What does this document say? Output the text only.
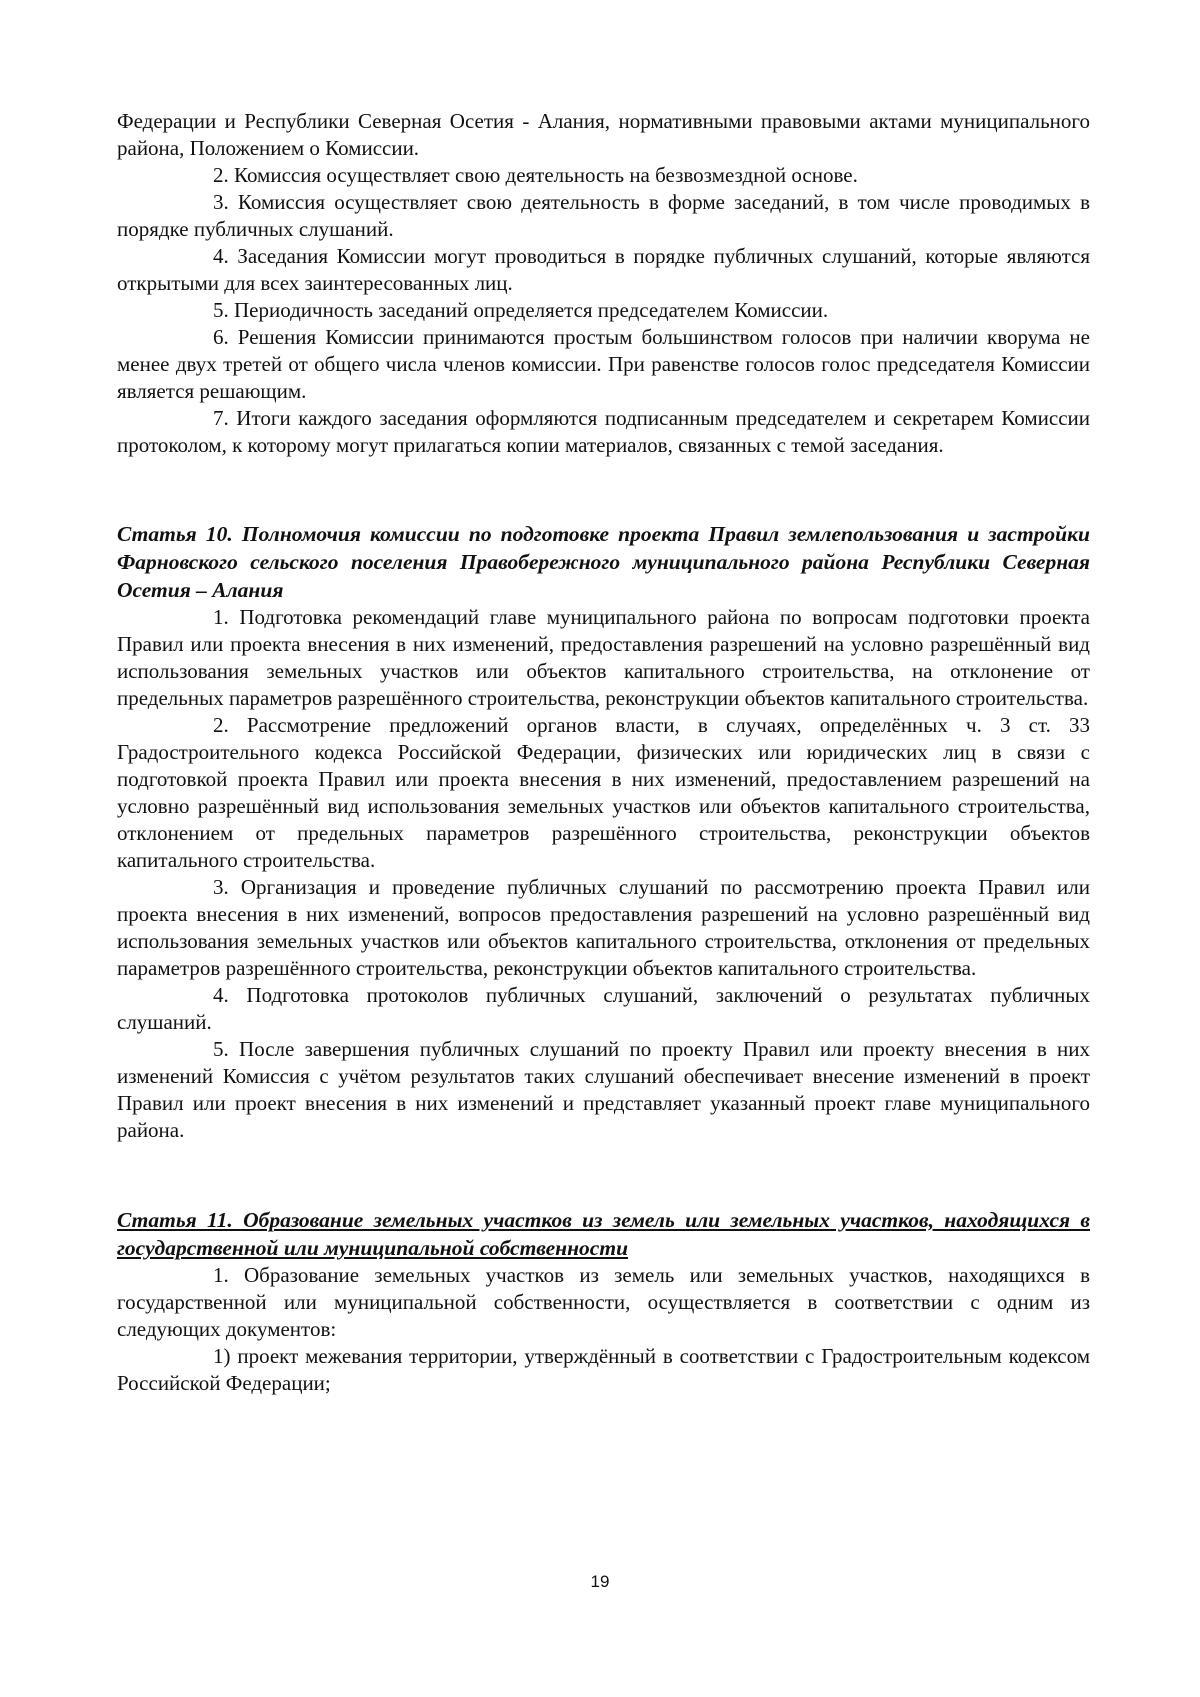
Федерации и Республики Северная Осетия - Алания, нормативными правовыми актами муниципального района, Положением о Комиссии.

2. Комиссия осуществляет свою деятельность на безвозмездной основе.

3. Комиссия осуществляет свою деятельность в форме заседаний, в том числе проводимых в порядке публичных слушаний.

4. Заседания Комиссии могут проводиться в порядке публичных слушаний, которые являются открытыми для всех заинтересованных лиц.

5. Периодичность заседаний определяется председателем Комиссии.

6. Решения Комиссии принимаются простым большинством голосов при наличии кворума не менее двух третей от общего числа членов комиссии. При равенстве голосов голос председателя Комиссии является решающим.

7. Итоги каждого заседания оформляются подписанным председателем и секретарем Комиссии протоколом, к которому могут прилагаться копии материалов, связанных с темой заседания.

Статья 10. Полномочия комиссии по подготовке проекта Правил землепользования и застройки Фарновского сельского поселения Правобережного муниципального района Республики Северная Осетия – Алания

1. Подготовка рекомендаций главе муниципального района по вопросам подготовки проекта Правил или проекта внесения в них изменений, предоставления разрешений на условно разрешённый вид использования земельных участков или объектов капитального строительства, на отклонение от предельных параметров разрешённого строительства, реконструкции объектов капитального строительства.

2. Рассмотрение предложений органов власти, в случаях, определённых ч. 3 ст. 33 Градостроительного кодекса Российской Федерации, физических или юридических лиц в связи с подготовкой проекта Правил или проекта внесения в них изменений, предоставлением разрешений на условно разрешённый вид использования земельных участков или объектов капитального строительства, отклонением от предельных параметров разрешённого строительства, реконструкции объектов капитального строительства.

3. Организация и проведение публичных слушаний по рассмотрению проекта Правил или проекта внесения в них изменений, вопросов предоставления разрешений на условно разрешённый вид использования земельных участков или объектов капитального строительства, отклонения от предельных параметров разрешённого строительства, реконструкции объектов капитального строительства.

4. Подготовка протоколов публичных слушаний, заключений о результатах публичных слушаний.

5. После завершения публичных слушаний по проекту Правил или проекту внесения в них изменений Комиссия с учётом результатов таких слушаний обеспечивает внесение изменений в проект Правил или проект внесения в них изменений и представляет указанный проект главе муниципального района.

Статья 11. Образование земельных участков из земель или земельных участков, находящихся в государственной или муниципальной собственности

1. Образование земельных участков из земель или земельных участков, находящихся в государственной или муниципальной собственности, осуществляется в соответствии с одним из следующих документов:

1) проект межевания территории, утверждённый в соответствии с Градостроительным кодексом Российской Федерации;

19
